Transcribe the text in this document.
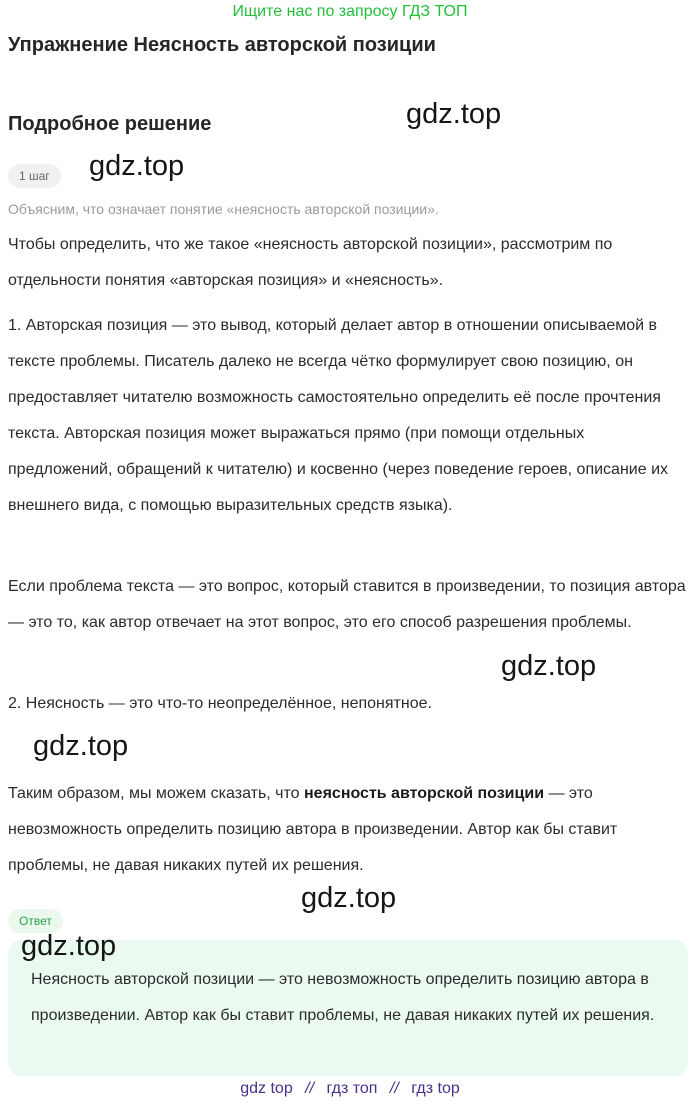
Ищите нас по запросу ГДЗ ТОП
Упражнение Неясность авторской позиции
Подробное решение	gdz.top
gdz.top
1 шаг
Объясним, что означает понятие «неясность авторской позиции».

Чтобы определить, что же такое «неясность авторской позиции», рассмотрим по отдельности понятия «авторская позиция» и «неясность».

1. Авторская позиция — это вывод, который делает автор в отношении описываемой в тексте проблемы. Писатель далеко не всегда чётко формулирует свою позицию, он предоставляет читателю возможность самостоятельно определить её после прочтения текста. Авторская позиция может выражаться прямо (при помощи отдельных предложений, обращений к читателю) и косвенно (через поведение героев, описание их внешнего вида, с помощью выразительных средств языка).

Если проблема текста — это вопрос, который ставится в произведении, то позиция автора — это то, как автор отвечает на этот вопрос, это его способ разрешения проблемы.

gdz.top

2. Неясность — это что-то неопределённое, непонятное.

gdz.top

Таким образом, мы можем сказать, что неясность авторской позиции — это невозможность определить позицию автора в произведении. Автор как бы ставит проблемы, не давая никаких путей их решения.

gdz.top
Ответ
gdz.top

Неясность авторской позиции — это невозможность определить позицию автора в произведении. Автор как бы ставит проблемы, не давая никаких путей их решения.

gdz top // гдз топ // гдз top
